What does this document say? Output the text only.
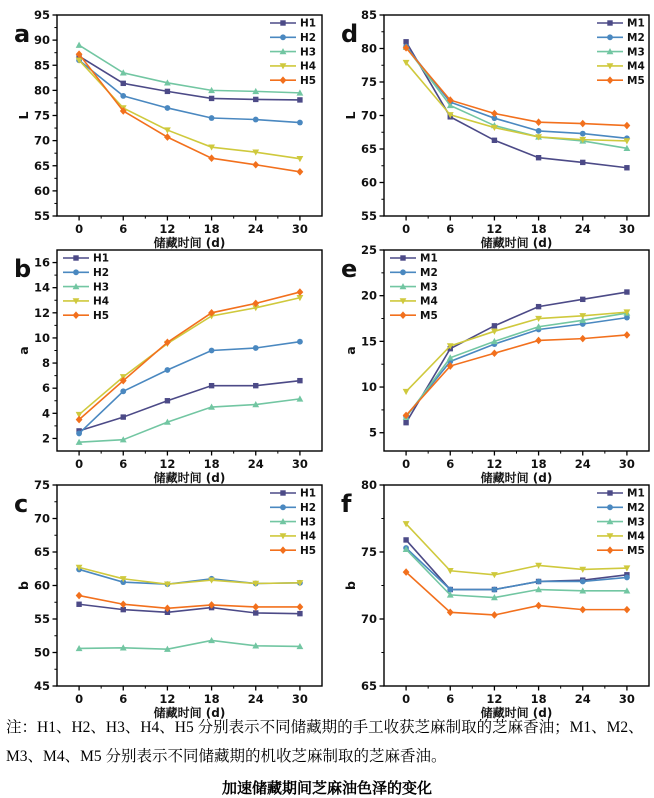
0	6	12 18 24 30
55
60
65
70
75
80
85
90
95
储藏时间 (d)
L
a	H1
H2
H3
H4
H5
0	6	12 18 24 30
55
60
65
70
75
80
85
储藏时间 (d)
L
d	M1
M2
M3
M4
M5
0	6	12 18 24 30
2
4
6
8
10
12
14
16
储藏时间 (d)
a
b	H1
H2
H3
H4
H5
0	6	12 18 24 30
5
10
15
20
25
储藏时间 (d)
a
e	M1
M2
M3
M4
M5
0	6	12 18 24 30
45
50
55
60
65
70
75
储藏时间 (d)
b
c	H1
H2
H3
H4
H5
0	6	12 18 24 30
65
70
75
80
储藏时间 (d)
b
f	M1
M2
M3
M4
M5

注：H1、H2、H3、H4、H5 分别表示不同储藏期的手工收获芝麻制取的芝麻香油；M1、M2、

M3、M4、M5 分别表示不同储藏期的机收芝麻制取的芝麻香油。

加速储藏期间芝麻油色泽的变化
